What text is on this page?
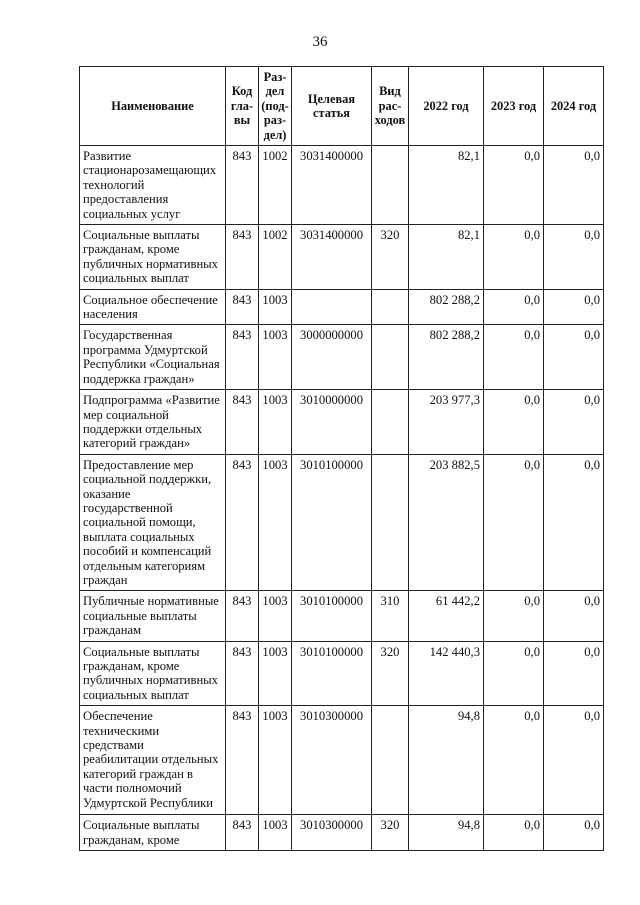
36
Наименование	Код
гла-
вы	Раз-
дел
(под-
раз-
дел)	Целевая
статья	Вид
рас-
ходов	2022 год	2023 год	2024 год
Развитие стационарозамещающих технологий предоставления социальных услуг	843	1002	3031400000		82,1	0,0	0,0
Социальные выплаты гражданам, кроме публичных нормативных социальных выплат	843	1002	3031400000	320	82,1	0,0	0,0
Социальное обеспечение населения	843	1003			802 288,2	0,0	0,0
Государственная программа Удмуртской Республики «Социальная поддержка граждан»	843	1003	3000000000		802 288,2	0,0	0,0
Подпрограмма «Развитие мер социальной поддержки отдельных категорий граждан»	843	1003	3010000000		203 977,3	0,0	0,0
Предоставление мер социальной поддержки, оказание государственной социальной помощи, выплата социальных пособий и компенсаций отдельным категориям граждан	843	1003	3010100000		203 882,5	0,0	0,0
Публичные нормативные социальные выплаты гражданам	843	1003	3010100000	310	61 442,2	0,0	0,0
Социальные выплаты гражданам, кроме публичных нормативных социальных выплат	843	1003	3010100000	320	142 440,3	0,0	0,0
Обеспечение техническими средствами реабилитации отдельных категорий граждан в части полномочий Удмуртской Республики	843	1003	3010300000		94,8	0,0	0,0
Социальные выплаты гражданам, кроме	843	1003	3010300000	320	94,8	0,0	0,0
